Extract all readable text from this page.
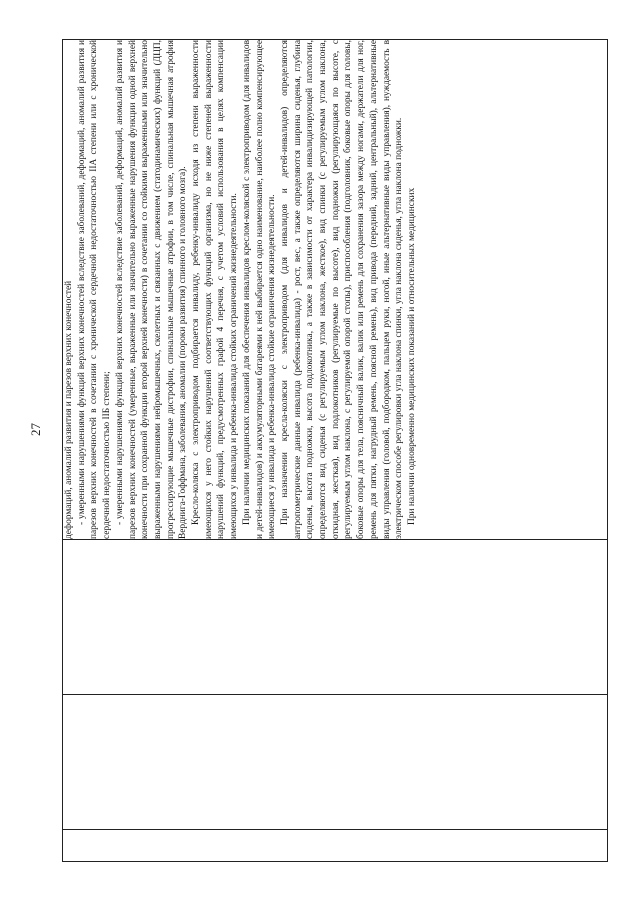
27
			деформаций, аномалий развития и парезов верхних конечностей - умеренными нарушениями функций верхних конечностей вследствие заболеваний, деформаций, аномалий развития и парезов верхних конечностей в сочетании с хронической сердечной недостаточностью IIА степени или с хронической сердечной недостаточностью IIБ степени; - умеренными нарушениями функций верхних конечностей вследствие заболеваний, деформаций, аномалий развития и парезов верхних конечностей (умеренные, выраженные или значительно выраженные нарушения функции одной верхней конечности при сохранной функции второй верхней конечности) в сочетании со стойкими выраженными или значительно выраженными нарушениями нейромышечных, скелетных и связанных с движением (статодинамических) функций (ДЦП, прогрессирующие мышечные дистрофии, спинальные мышечные атрофии, в том числе, спинальная мышечная атрофия Верднига-Гоффмана, заболевания, аномалии (пороки развития) спинного и головного мозга). Кресло-коляска с электроприводом подбирается инвалиду, ребенку-инвалиду исходя из степени выраженности имеющихся у него стойких нарушений соответствующих функций организма, но не ниже степеней выраженности нарушений функций, предусмотренных графой 4 перечня, с учетом условий использования в целях компенсации имеющихся у инвалида и ребенка-инвалида стойких ограничений жизнедеятельности. При наличии медицинских показаний для обеспечения инвалидов креслом-коляской с электроприводом (для инвалидов и детей-инвалидов) и аккумуляторными батареями к ней выбирается одно наименование, наиболее полно компенсирующее имеющиеся у инвалида и ребенка-инвалида стойкие ограничения жизнедеятельности. При назначении кресла-коляски с электроприводом (для инвалидов и детей-инвалидов) определяются антропометрические данные инвалида (ребенка-инвалида) - рост, вес, а также определяются ширина сиденья, глубина сиденья, высота подножки, высота подлокотника, а также в зависимости от характера инвалидизирующей патологии, определяются вид сиденья (с регулируемым углом наклона, жесткое), вид спинки (с регулируемым углом наклона, откидная, жесткая), вид подлокотников (регулируемые по высоте), вид подножки (регулирующаяся по высоте, с регулируемым углом наклона, с регулируемой опорой стопы), приспособления (подголовник, боковые опоры для головы, боковые опоры для тела, поясничный валик, валик или ремень для сохранения зазора между ногами, держатели для ног, ремень для пятки, нагрудный ремень, поясной ремень), вид привода (передний, задний, центральный), альтернативные виды управления (головой, подбородком, пальцем руки, ногой, иные альтернативные виды управления), нуждаемость в электрическом способе регулировки угла наклона спинки, угла наклона сиденья, угла наклона подножки. При наличии одновременно медицинских показаний и относительных медицинских
